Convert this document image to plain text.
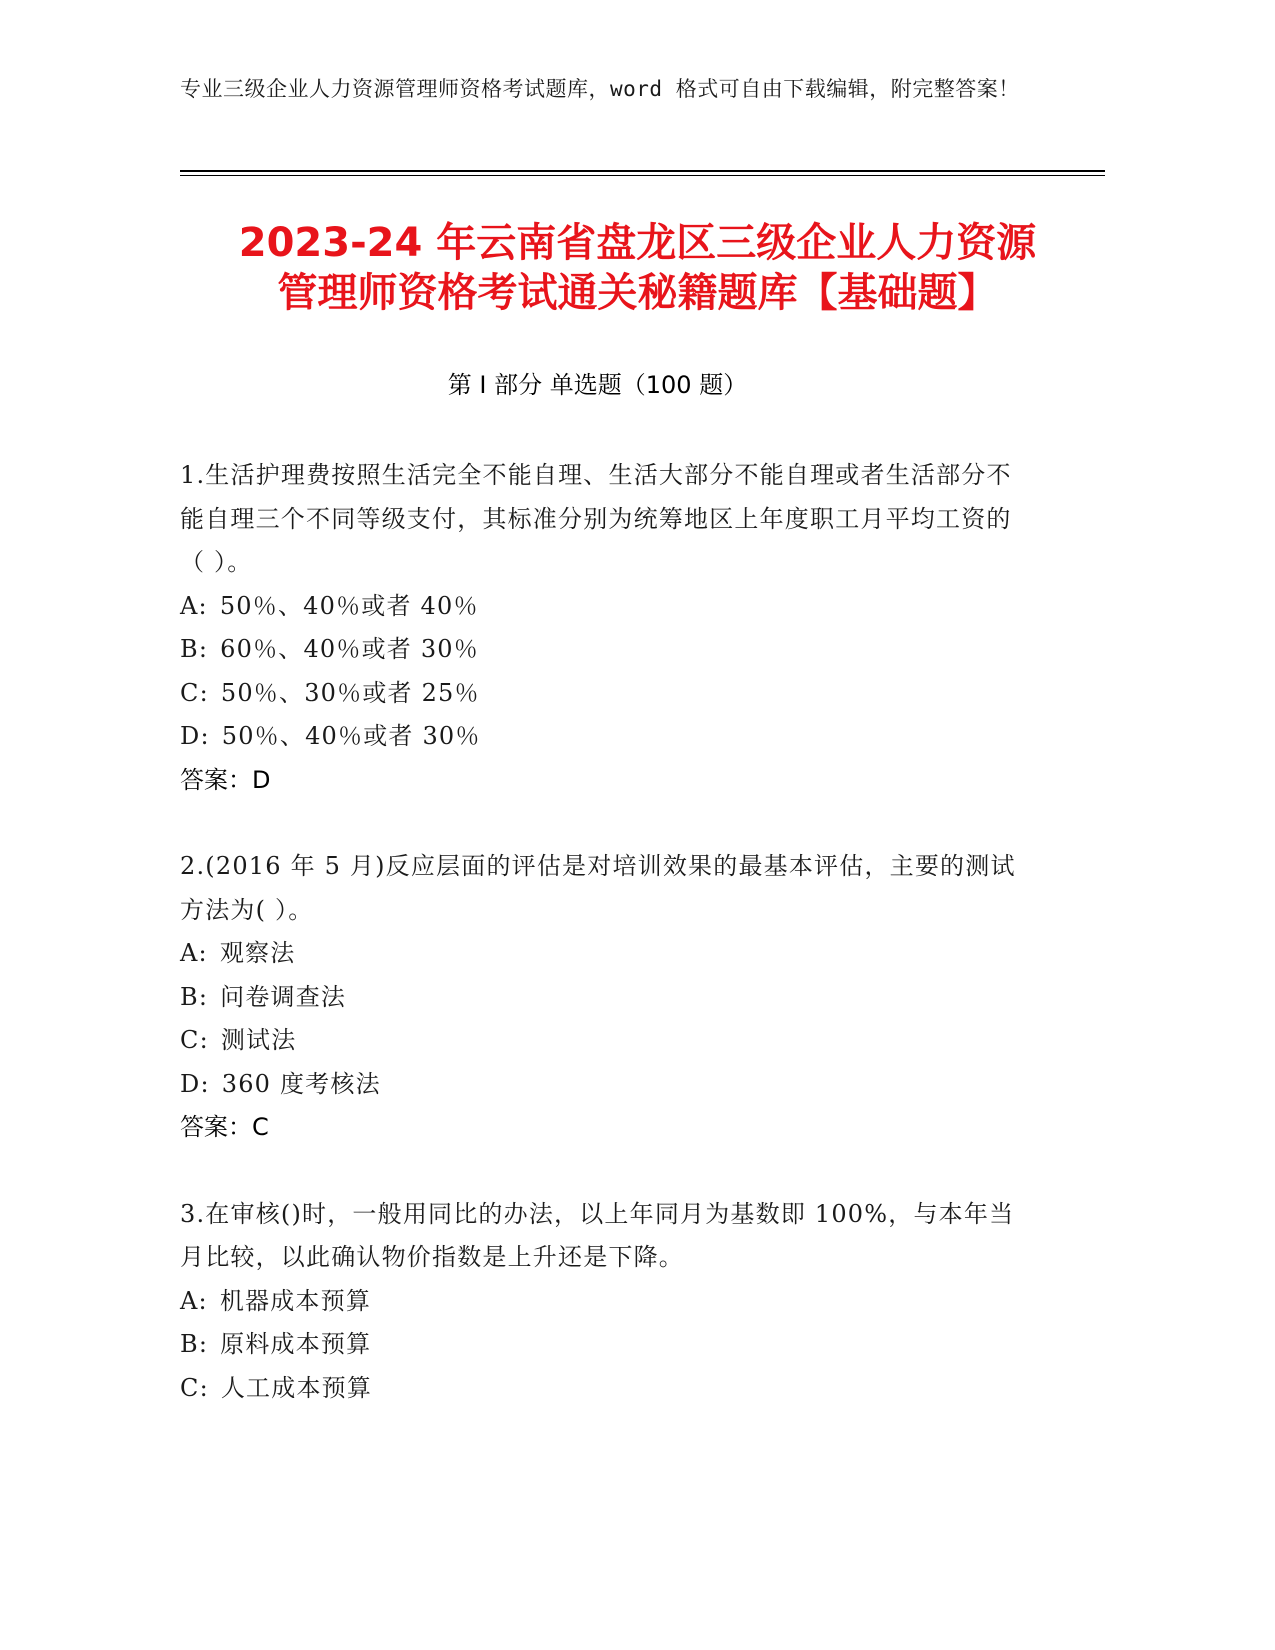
专业三级企业人力资源管理师资格考试题库，word 格式可自由下载编辑，附完整答案！
2023-24 年云南省盘龙区三级企业人力资源
管理师资格考试通关秘籍题库【基础题】
第 I 部分 单选题（100 题）
1.生活护理费按照生活完全不能自理、生活大部分不能自理或者生活部分不能自理三个不同等级支付，其标准分别为统筹地区上年度职工月平均工资的（ ）。
A: 50％、40％或者 40％
B: 60％、40％或者 30％
C: 50％、30％或者 25％
D: 50％、40％或者 30％
答案：D
2.(2016 年 5 月)反应层面的评估是对培训效果的最基本评估，主要的测试方法为( ）。
A: 观察法
B: 问卷调查法
C: 测试法
D: 360 度考核法
答案：C
3.在审核()时，一般用同比的办法，以上年同月为基数即 100%，与本年当月比较，以此确认物价指数是上升还是下降。
A: 机器成本预算
B: 原料成本预算
C: 人工成本预算
